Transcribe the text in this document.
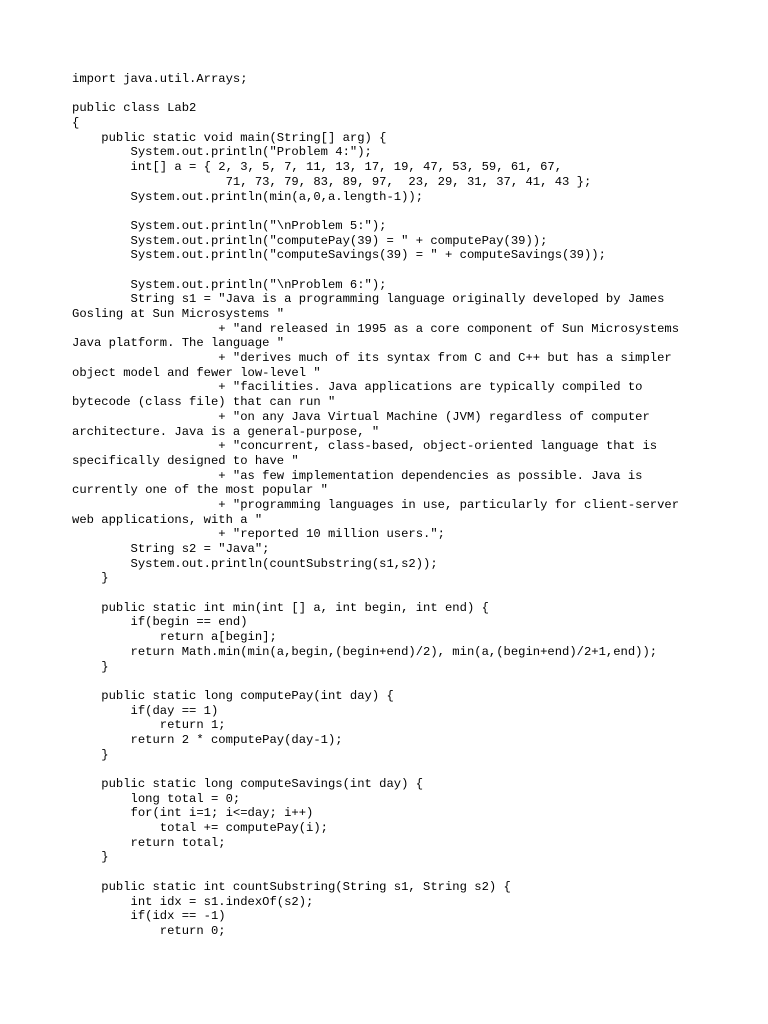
import java.util.Arrays;
public class Lab2
{
public static void main(String[] arg) {
System.out.println("Problem 4:");
int[] a = { 2, 3, 5, 7, 11, 13, 17, 19, 47, 53, 59, 61, 67,
71, 73, 79, 83, 89, 97,  23, 29, 31, 37, 41, 43 };
System.out.println(min(a,0,a.length-1));
System.out.println("\nProblem 5:");
System.out.println("computePay(39) = " + computePay(39));
System.out.println("computeSavings(39) = " + computeSavings(39));
System.out.println("\nProblem 6:");
String s1 = "Java is a programming language originally developed by James
Gosling at Sun Microsystems "
+ "and released in 1995 as a core component of Sun Microsystems
Java platform. The language "
+ "derives much of its syntax from C and C++ but has a simpler
object model and fewer low-level "
+ "facilities. Java applications are typically compiled to
bytecode (class file) that can run "
+ "on any Java Virtual Machine (JVM) regardless of computer
architecture. Java is a general-purpose, "
+ "concurrent, class-based, object-oriented language that is
specifically designed to have "
+ "as few implementation dependencies as possible. Java is
currently one of the most popular "
+ "programming languages in use, particularly for client-server
web applications, with a "
+ "reported 10 million users.";
String s2 = "Java";
System.out.println(countSubstring(s1,s2));
}
public static int min(int [] a, int begin, int end) {
if(begin == end)
return a[begin];
return Math.min(min(a,begin,(begin+end)/2), min(a,(begin+end)/2+1,end));
}
public static long computePay(int day) {
if(day == 1)
return 1;
return 2 * computePay(day-1);
}
public static long computeSavings(int day) {
long total = 0;
for(int i=1; i<=day; i++)
total += computePay(i);
return total;
}
public static int countSubstring(String s1, String s2) {
int idx = s1.indexOf(s2);
if(idx == -1)
return 0;
